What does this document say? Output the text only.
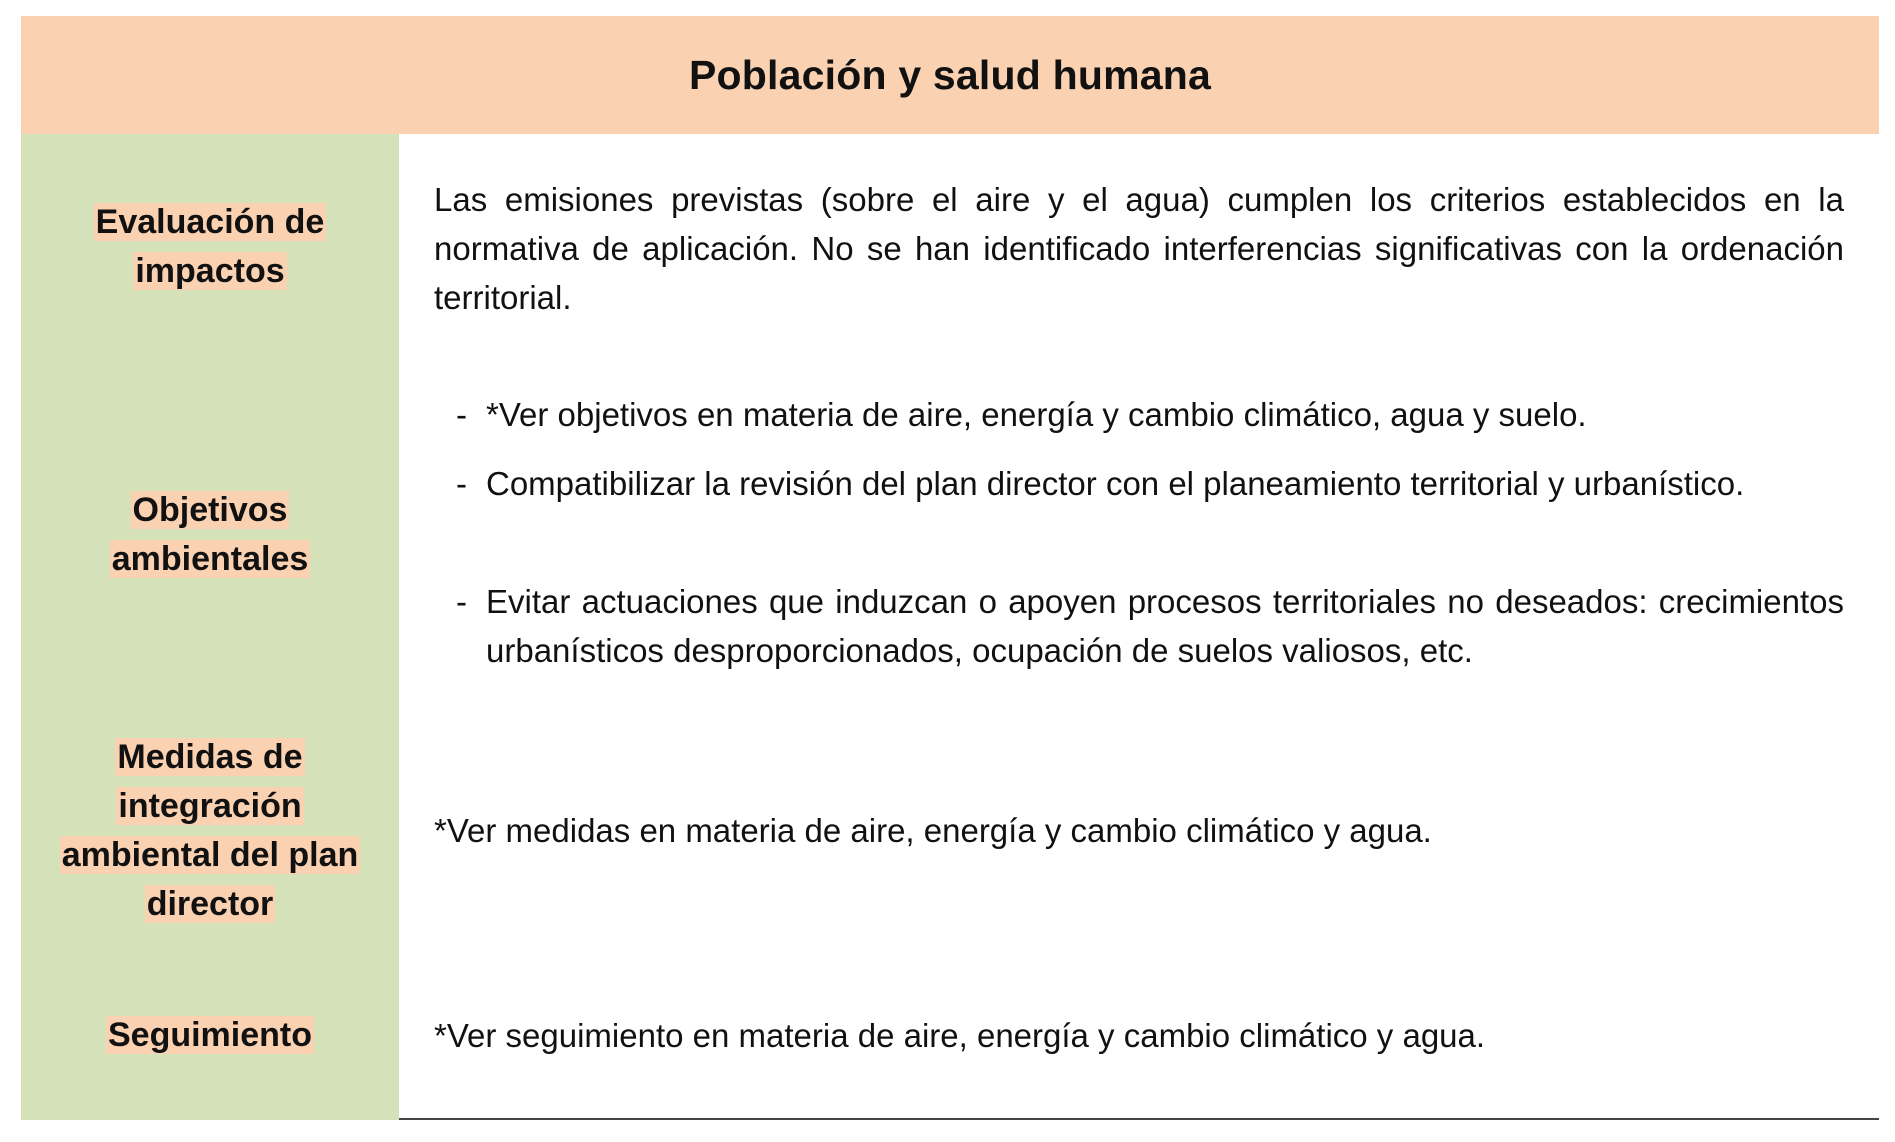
Población y salud humana
Evaluación de
impactos
Las emisiones previstas (sobre el aire y el agua) cumplen los criterios establecidos en la normativa de aplicación. No se han identificado interferencias significativas con la ordenación territorial.
Objetivos
ambientales
- *Ver objetivos en materia de aire, energía y cambio climático, agua y suelo.
- Compatibilizar la revisión del plan director con el planeamiento territorial y urbanístico.
- Evitar actuaciones que induzcan o apoyen procesos territoriales no deseados: crecimientos urbanísticos desproporcionados, ocupación de suelos valiosos, etc.
Medidas de
integración
ambiental del plan
director
*Ver medidas en materia de aire, energía y cambio climático y agua.
Seguimiento	*Ver seguimiento en materia de aire, energía y cambio climático y agua.
